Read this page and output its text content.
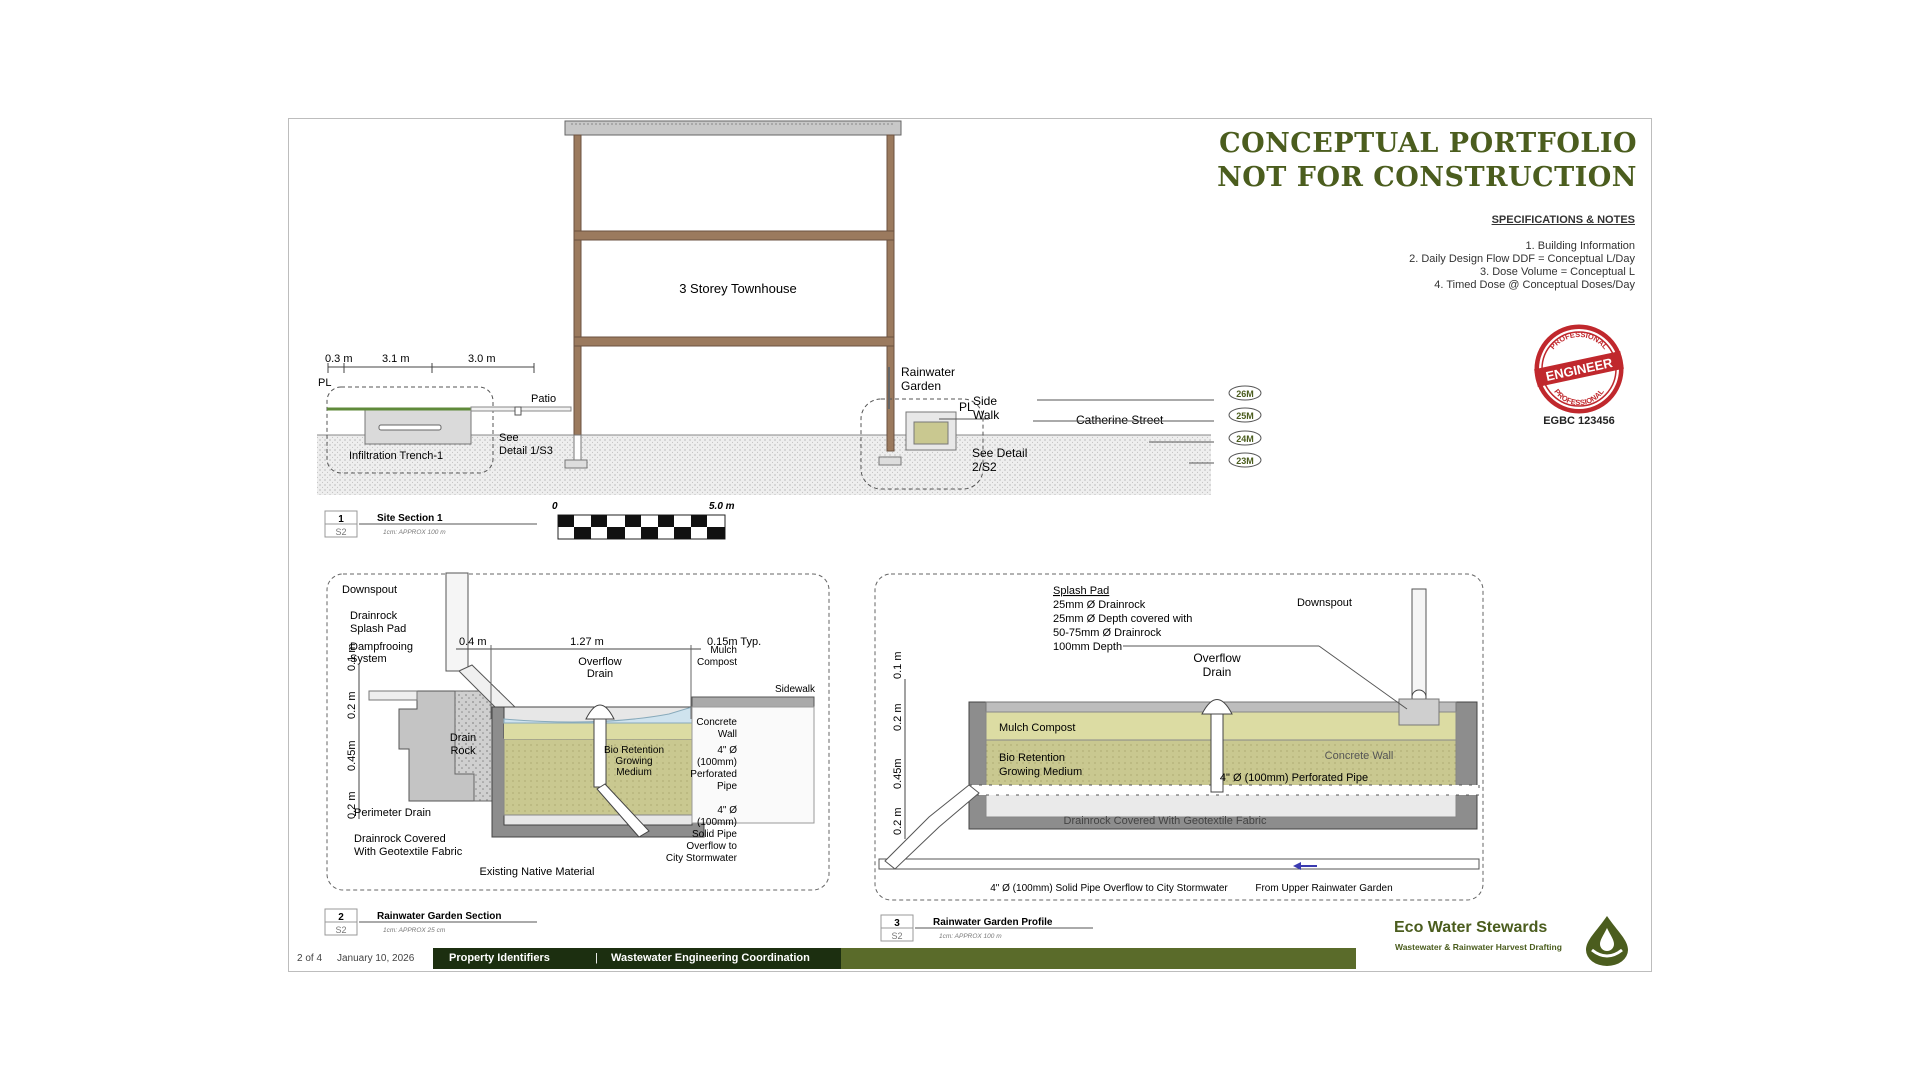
3 Storey Townhouse
0.3 m	3.1 m	3.0 m
PL
Infiltration Trench-1
Patio
See
Detail 1/S3
Rainwater
Garden
PL Side
Walk	Catherine Street
See Detail
2/S2
26M
25M
24M
23M
1
S2
Site Section 1
1cm: APPROX 100 m
0	5.0 m
0.4 m	1.27 m	0.15m Typ.
0.1 m
0.2 m
0.45m
0.2 m
Downspout
Drainrock
Splash Pad
Dampfrooing
System	Overflow
Drain
Mulch
Compost
Sidewalk
Concrete
Wall
4" Ø
(100mm)
Perforated
Pipe
Drain
Rock	Bio Retention
Growing
Medium
4" Ø
(100mm)
Solid Pipe
Overflow to
City Stormwater
Perimeter Drain
Drainrock Covered
With Geotextile Fabric
Existing Native Material
2
S2
Rainwater Garden Section
1cm: APPROX 25 cm
0.1 m
0.2 m
0.45m
0.2 m
Splash Pad
25mm Ø Drainrock
25mm Ø Depth covered with
50-75mm Ø Drainrock
100mm Depth
Downspout
Overflow
Drain
Mulch Compost
Bio Retention
Growing Medium
Concrete Wall
4" Ø (100mm) Perforated Pipe
Drainrock Covered With Geotextile Fabric
4" Ø (100mm) Solid Pipe Overflow to City Stormwater	From Upper Rainwater Garden
3
S2
Rainwater Garden Profile
1cm: APPROX 100 m
CONCEPTUAL PORTFOLIO
NOT FOR CONSTRUCTION
SPECIFICATIONS & NOTES
1. Building Information
2. Daily Design Flow DDF = Conceptual L/Day
3. Dose Volume = Conceptual L
4. Timed Dose @ Conceptual Doses/Day
PROFESSIONAL
PROFESSIONAL
ENGINEER
EGBC 123456
2 of 4 January 10, 2026	Property Identifiers	| Wastewater Engineering Coordination
Eco Water Stewards
Wastewater & Rainwater Harvest Drafting
